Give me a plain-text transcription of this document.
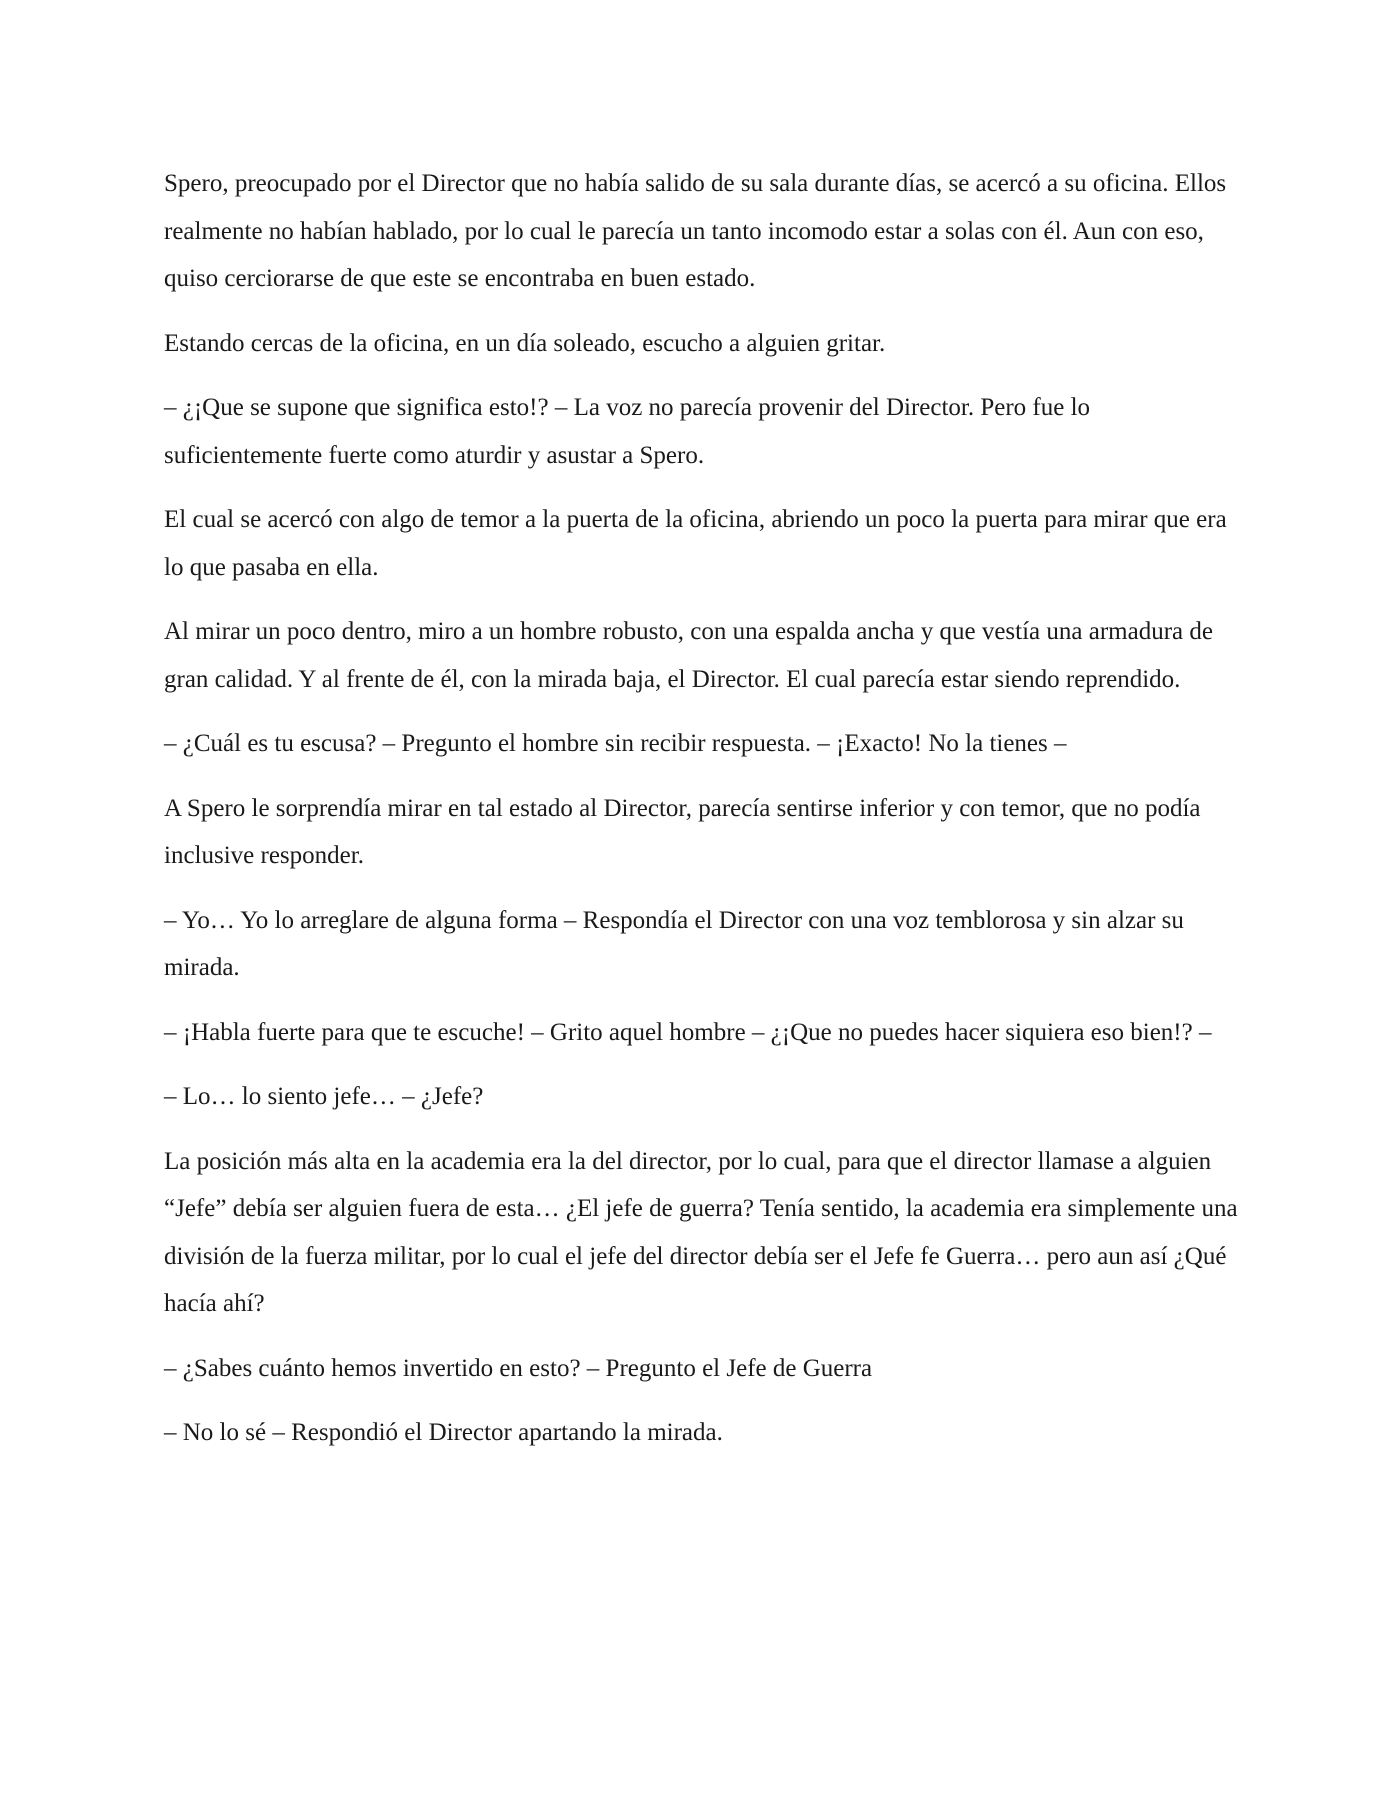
Spero, preocupado por el Director que no había salido de su sala durante días, se acercó a su oficina. Ellos realmente no habían hablado, por lo cual le parecía un tanto incomodo estar a solas con él. Aun con eso, quiso cerciorarse de que este se encontraba en buen estado.

Estando cercas de la oficina, en un día soleado, escucho a alguien gritar.

– ¿¡Que se supone que significa esto!? – La voz no parecía provenir del Director. Pero fue lo suficientemente fuerte como aturdir y asustar a Spero.

El cual se acercó con algo de temor a la puerta de la oficina, abriendo un poco la puerta para mirar que era lo que pasaba en ella.

Al mirar un poco dentro, miro a un hombre robusto, con una espalda ancha y que vestía una armadura de gran calidad. Y al frente de él, con la mirada baja, el Director. El cual parecía estar siendo reprendido.

– ¿Cuál es tu escusa? – Pregunto el hombre sin recibir respuesta. – ¡Exacto! No la tienes –

A Spero le sorprendía mirar en tal estado al Director, parecía sentirse inferior y con temor, que no podía inclusive responder.

– Yo… Yo lo arreglare de alguna forma – Respondía el Director con una voz temblorosa y sin alzar su mirada.

– ¡Habla fuerte para que te escuche! – Grito aquel hombre – ¿¡Que no puedes hacer siquiera eso bien!? –

– Lo… lo siento jefe… – ¿Jefe?

La posición más alta en la academia era la del director, por lo cual, para que el director llamase a alguien “Jefe” debía ser alguien fuera de esta… ¿El jefe de guerra? Tenía sentido, la academia era simplemente una división de la fuerza militar, por lo cual el jefe del director debía ser el Jefe fe Guerra… pero aun así ¿Qué hacía ahí?

– ¿Sabes cuánto hemos invertido en esto? – Pregunto el Jefe de Guerra

– No lo sé – Respondió el Director apartando la mirada.
